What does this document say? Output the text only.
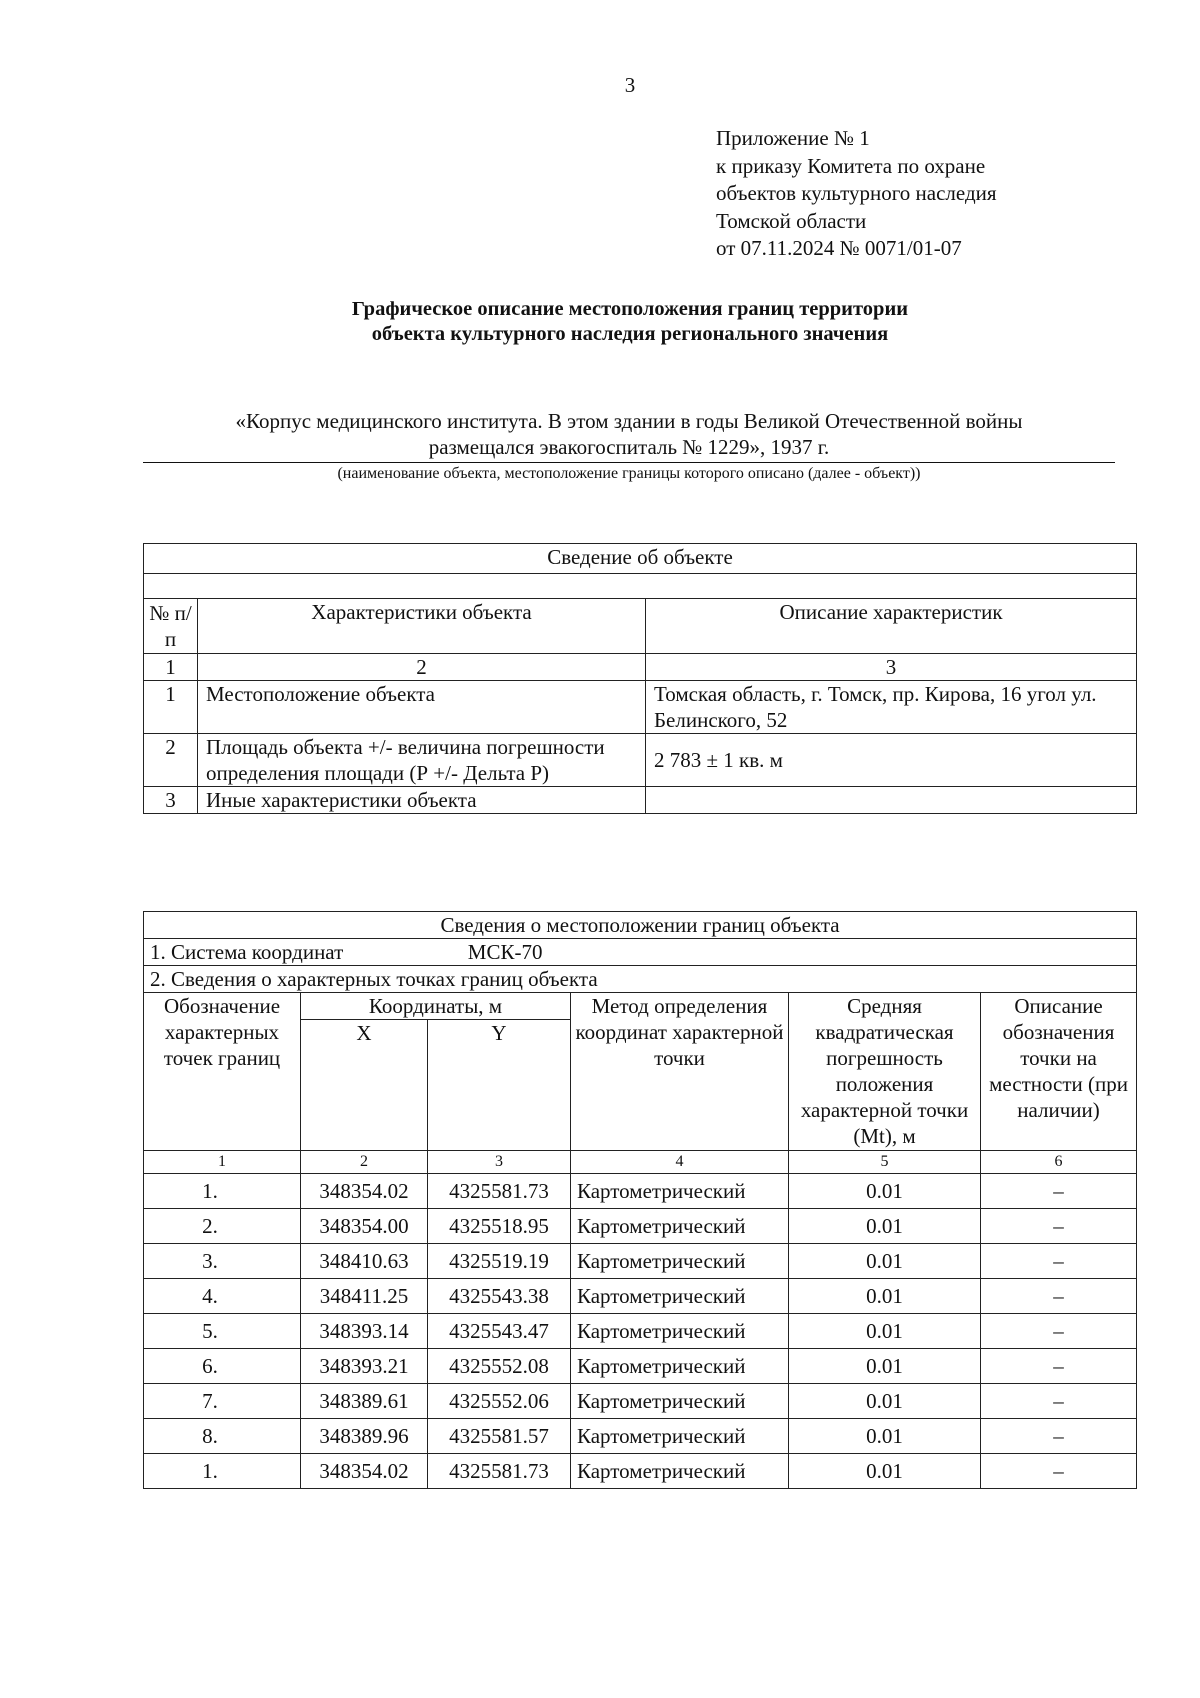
3
Приложение № 1
к приказу Комитета по охране
объектов культурного наследия
Томской области
от 07.11.2024 № 0071/01-07
Графическое описание местоположения границ территории
объекта культурного наследия регионального значения
«Корпус медицинского института. В этом здании в годы Великой Отечественной войны
размещался эвакогоспиталь № 1229», 1937 г.
(наименование объекта, местоположение границы которого описано (далее - объект))
Сведение об объекте		

№ п/п	Характеристики объекта	Описание характеристик
1	2	3
1	Местоположение объекта	Томская область, г. Томск, пр. Кирова, 16 угол ул. Белинского, 52
2	Площадь объекта +/- величина погрешности определения площади (Р +/- Дельта Р)	2 783 ± 1 кв. м
3	Иные характеристики объекта	
Сведения о местоположении границ объекта					
1. Система координат МСК-70					
2. Сведения о характерных точках границ объекта					
Обозначение характерных точек границ	Координаты, м		Метод определения координат характерной точки	Средняя квадратическая погрешность положения характерной точки (Mt), м	Описание обозначения точки на местности (при наличии)
	X	Y			
1	2	3	4	5	6
1.	348354.02	4325581.73	Картометрический	0.01	–
2.	348354.00	4325518.95	Картометрический	0.01	–
3.	348410.63	4325519.19	Картометрический	0.01	–
4.	348411.25	4325543.38	Картометрический	0.01	–
5.	348393.14	4325543.47	Картометрический	0.01	–
6.	348393.21	4325552.08	Картометрический	0.01	–
7.	348389.61	4325552.06	Картометрический	0.01	–
8.	348389.96	4325581.57	Картометрический	0.01	–
1.	348354.02	4325581.73	Картометрический	0.01	–
